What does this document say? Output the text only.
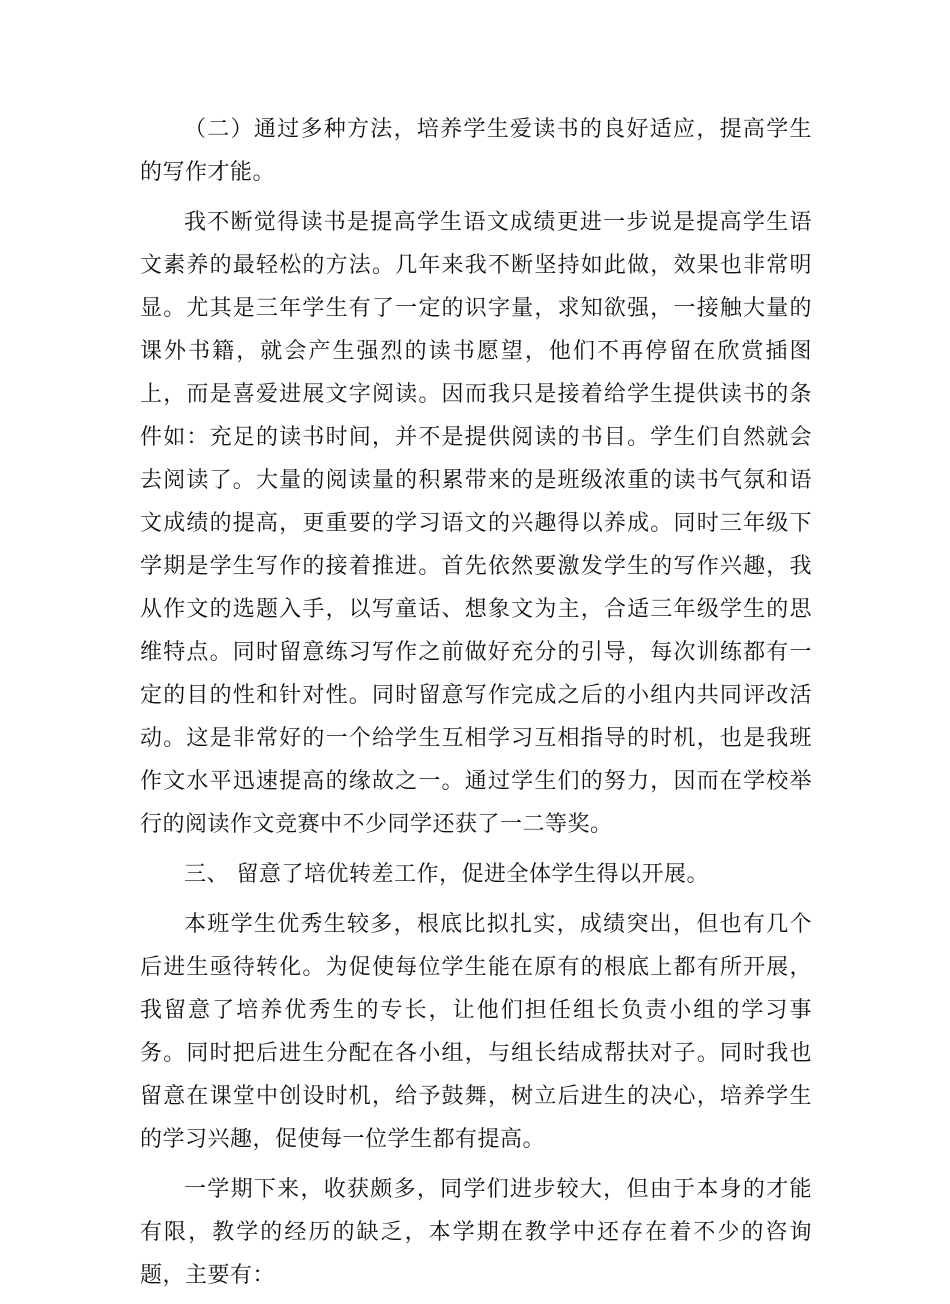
（二）通过多种方法，培养学生爱读书的良好适应，提高学生的写作才能。

我不断觉得读书是提高学生语文成绩更进一步说是提高学生语文素养的最轻松的方法。几年来我不断坚持如此做，效果也非常明显。尤其是三年学生有了一定的识字量，求知欲强，一接触大量的课外书籍，就会产生强烈的读书愿望，他们不再停留在欣赏插图上，而是喜爱进展文字阅读。因而我只是接着给学生提供读书的条件如：充足的读书时间，并不是提供阅读的书目。学生们自然就会去阅读了。大量的阅读量的积累带来的是班级浓重的读书气氛和语文成绩的提高，更重要的学习语文的兴趣得以养成。同时三年级下学期是学生写作的接着推进。首先依然要激发学生的写作兴趣，我从作文的选题入手，以写童话、想象文为主，合适三年级学生的思维特点。同时留意练习写作之前做好充分的引导，每次训练都有一定的目的性和针对性。同时留意写作完成之后的小组内共同评改活动。这是非常好的一个给学生互相学习互相指导的时机，也是我班作文水平迅速提高的缘故之一。通过学生们的努力，因而在学校举行的阅读作文竞赛中不少同学还获了一二等奖。

三、 留意了培优转差工作，促进全体学生得以开展。

本班学生优秀生较多，根底比拟扎实，成绩突出，但也有几个后进生亟待转化。为促使每位学生能在原有的根底上都有所开展，我留意了培养优秀生的专长，让他们担任组长负责小组的学习事务。同时把后进生分配在各小组，与组长结成帮扶对子。同时我也留意在课堂中创设时机，给予鼓舞，树立后进生的决心，培养学生的学习兴趣，促使每一位学生都有提高。

一学期下来，收获颇多，同学们进步较大，但由于本身的才能有限，教学的经历的缺乏，本学期在教学中还存在着不少的咨询题，主要有：
